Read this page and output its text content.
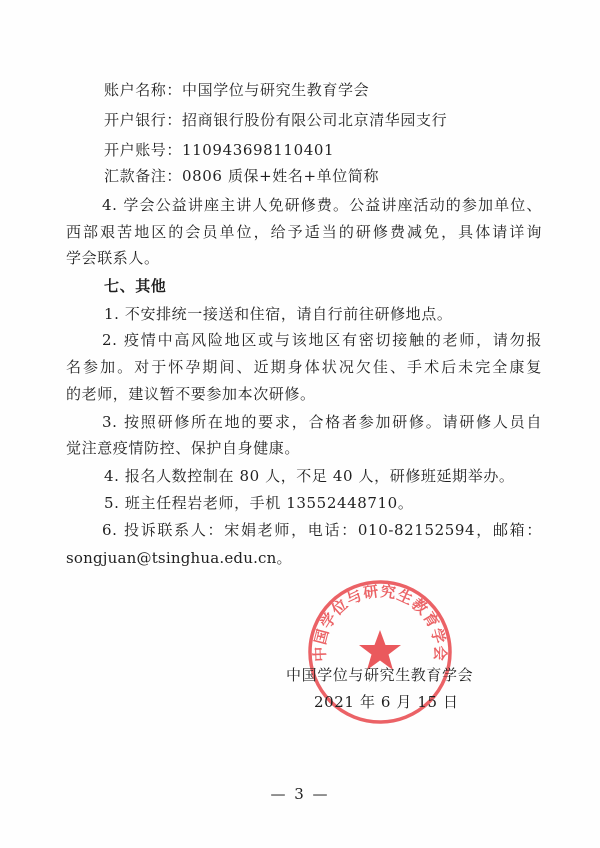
账户名称：中国学位与研究生教育学会
开户银行：招商银行股份有限公司北京清华园支行
开户账号：110943698110401
汇款备注：0806 质保+姓名+单位简称
4. 学会公益讲座主讲人免研修费。公益讲座活动的参加单位、
西部艰苦地区的会员单位，给予适当的研修费减免，具体请详询
学会联系人。
七、其他
1. 不安排统一接送和住宿，请自行前往研修地点。
2. 疫情中高风险地区或与该地区有密切接触的老师，请勿报
名参加。对于怀孕期间、近期身体状况欠佳、手术后未完全康复
的老师，建议暂不要参加本次研修。
3. 按照研修所在地的要求，合格者参加研修。请研修人员自
觉注意疫情防控、保护自身健康。
4. 报名人数控制在 80 人，不足 40 人，研修班延期举办。
5. 班主任程岩老师，手机 13552448710。
6. 投诉联系人：宋娟老师，电话：010-82152594，邮箱：
songjuan@tsinghua.edu.cn。
中国学位与研究生教育学会
中国学位与研究生教育学会
2021 年 6 月 15 日
— 3 —
